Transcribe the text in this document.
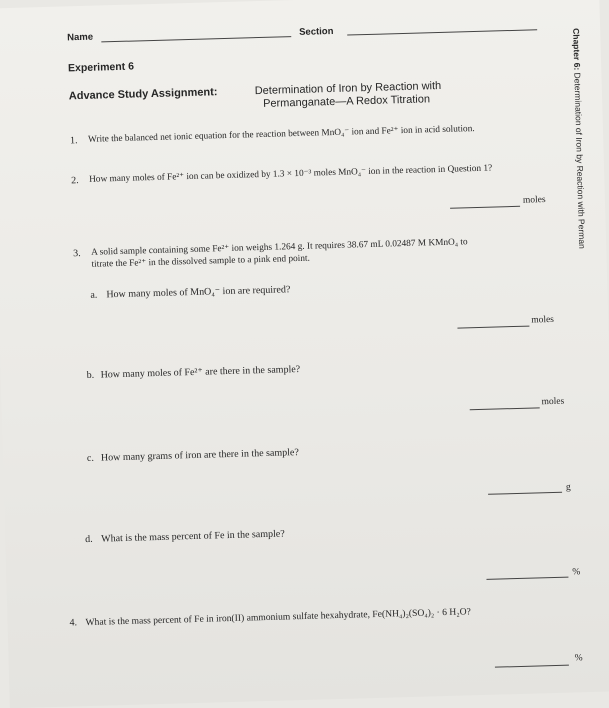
Name	Section
Experiment 6
Advance Study Assignment:	Determination of Iron by Reaction with
Permanganate—A Redox Titration
1. Write the balanced net ionic equation for the reaction between MnO₄⁻ ion and Fe²⁺ ion in acid solution.
2. How many moles of Fe²⁺ ion can be oxidized by 1.3 × 10⁻³ moles MnO₄⁻ ion in the reaction in Question 1?
moles
3. A solid sample containing some Fe²⁺ ion weighs 1.264 g. It requires 38.67 mL 0.02487 M KMnO₄ to
titrate the Fe²⁺ in the dissolved sample to a pink end point.
a. How many moles of MnO₄⁻ ion are required?
moles
b. How many moles of Fe²⁺ are there in the sample?
moles
c. How many grams of iron are there in the sample?
g
d. What is the mass percent of Fe in the sample?
%
4. What is the mass percent of Fe in iron(II) ammonium sulfate hexahydrate, Fe(NH₄)₂(SO₄)₂ · 6 H₂O?
%
Chapter 6: Determination of Iron by Reaction with Perman
